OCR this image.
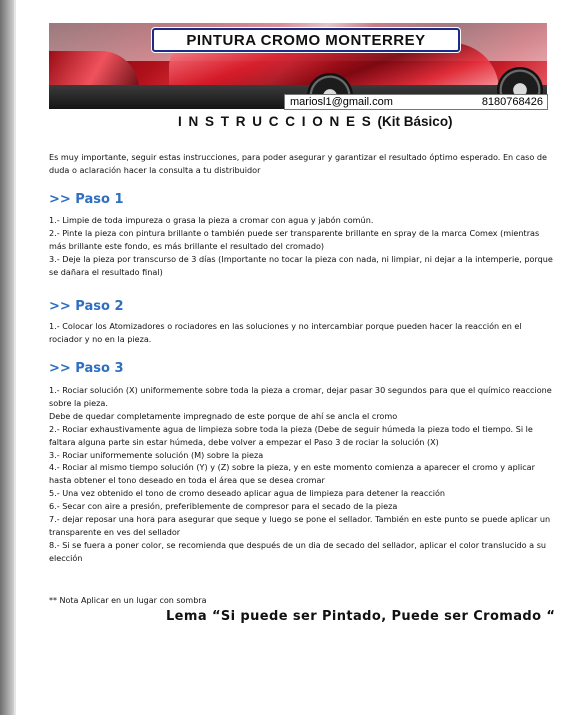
PINTURA CROMO MONTERREY
mariosl1@gmail.com	8180768426
I N S T R U C C I O N E S (Kit Básico)
Es muy importante, seguir estas instrucciones, para poder asegurar y garantizar el resultado óptimo esperado. En caso de duda o aclaración hacer la consulta a tu distribuidor
>> Paso 1

1.- Limpie de toda impureza o grasa la pieza a cromar con agua y jabón común.

2.- Pinte la pieza con pintura brillante o también puede ser transparente brillante en spray de la marca Comex (mientras más brillante este fondo, es más brillante el resultado del cromado)

3.- Deje la pieza por transcurso de 3 días (Importante no tocar la pieza con nada, ni limpiar, ni dejar a la intemperie, porque se dañara el resultado final)

>> Paso 2

1.- Colocar los Atomizadores o rociadores en las soluciones y no intercambiar porque pueden hacer la reacción en el rociador y no en la pieza.

>> Paso 3

1.- Rociar solución (X) uniformemente sobre toda la pieza a cromar, dejar pasar 30 segundos para que el químico reaccione sobre la pieza.

Debe de quedar completamente impregnado de este porque de ahí se ancla el cromo

2.- Rociar exhaustivamente agua de limpieza sobre toda la pieza (Debe de seguir húmeda la pieza todo el tiempo. Si le faltara alguna parte sin estar húmeda, debe volver a empezar el Paso 3 de rociar la solución (X)

3.- Rociar uniformemente solución (M) sobre la pieza

4.- Rociar al mismo tiempo solución (Y) y (Z) sobre la pieza, y en este momento comienza a aparecer el cromo y aplicar hasta obtener el tono deseado en toda el área que se desea cromar

5.- Una vez obtenido el tono de cromo deseado aplicar agua de limpieza para detener la reacción

6.- Secar con aire a presión, preferiblemente de compresor para el secado de la pieza

7.- dejar reposar una hora para asegurar que seque y luego se pone el sellador. También en este punto se puede aplicar un transparente en ves del sellador

8.- Si se fuera a poner color, se recomienda que después de un dia de secado del sellador, aplicar el color translucido a su elección

** Nota Aplicar en un lugar con sombra
Lema “Si puede ser Pintado, Puede ser Cromado “
